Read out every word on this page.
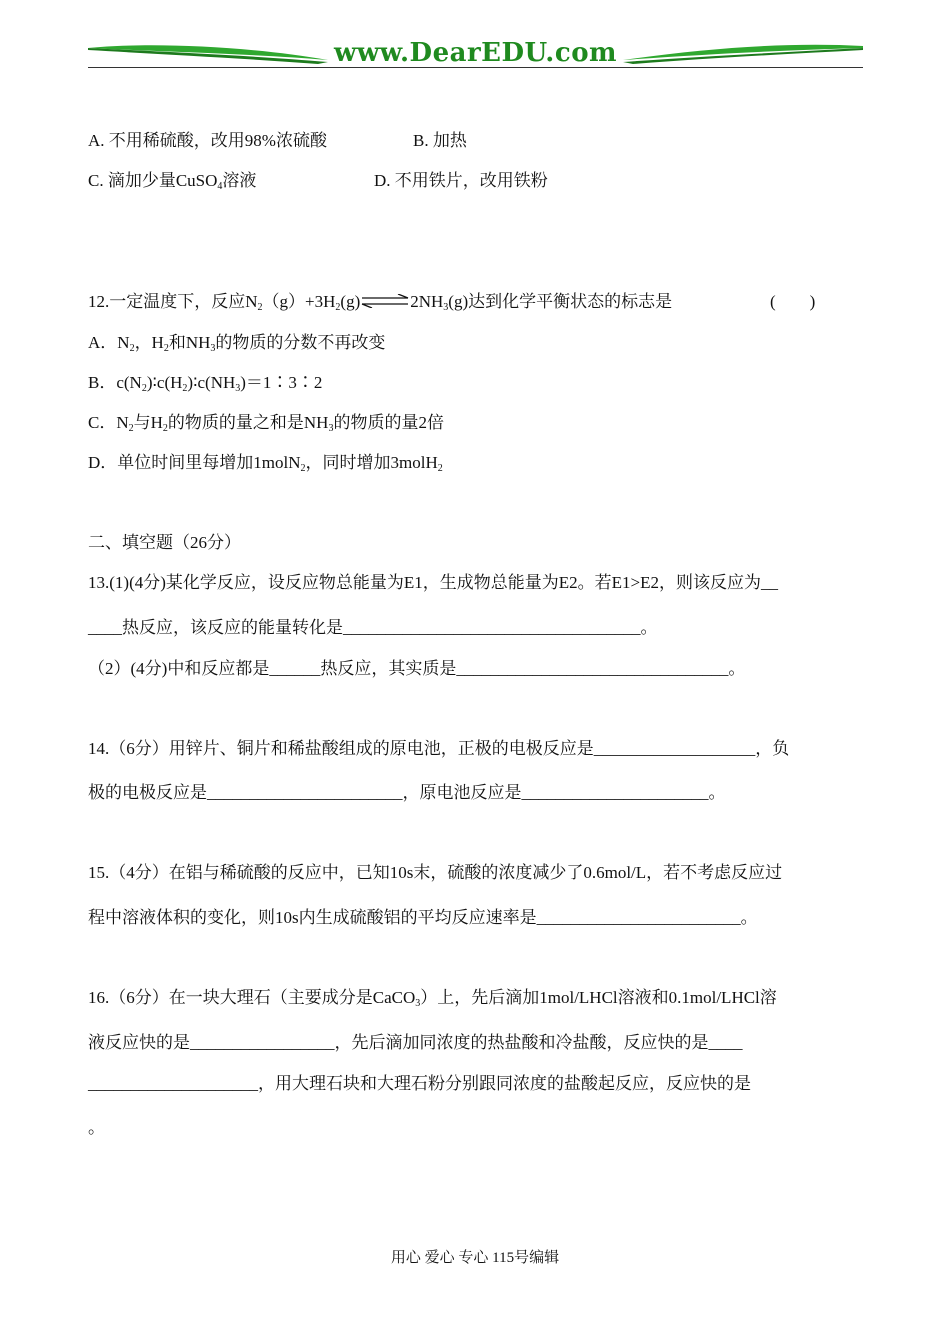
www.DearEDU.com
A. 不用稀硫酸，改用98%浓硫酸	B. 加热
C. 滴加少量CuSO$_4$溶液	D. 不用铁片，改用铁粉
12.一定温度下，反应$N_2(g)+3H_2(g)\rightleftharpoons 2NH_3(g)$达到化学平衡状态的标志是	(　　)
A．$N_2$，$H_2$和$NH_3$的物质的分数不再改变
B．$c(N_2)∶c(H_2)∶c(NH_3)=1∶3∶2$
C．$N_2$与$H_2$的物质的量之和是$NH_3$的物质的量2倍
D．单位时间里每增加1molN$_2$，同时增加3molH$_2$
二、填空题（26分）
13.(1)(4分)某化学反应，设反应物总能量为E1，生成物总能量为E2。若E1>E2，则该反应为__
____热反应，该反应的能量转化是___________________________________。
（2）(4分)中和反应都是______热反应，其实质是________________________________。
14.（6分）用锌片、铜片和稀盐酸组成的原电池，正极的电极反应是___________________，负
极的电极反应是_______________________，原电池反应是______________________。
15.（4分）在铝与稀硫酸的反应中，已知10s末，硫酸的浓度减少了0.6mol/L，若不考虑反应过
程中溶液体积的变化，则10s内生成硫酸铝的平均反应速率是________________________。
16.（6分）在一块大理石（主要成分是CaCO$_3$）上，先后滴加1mol/LHCl溶液和0.1mol/LHCl溶
液反应快的是_________________，先后滴加同浓度的热盐酸和冷盐酸，反应快的是____
____________________，用大理石块和大理石粉分别跟同浓度的盐酸起反应，反应快的是
。
用心 爱心 专心 115号编辑
